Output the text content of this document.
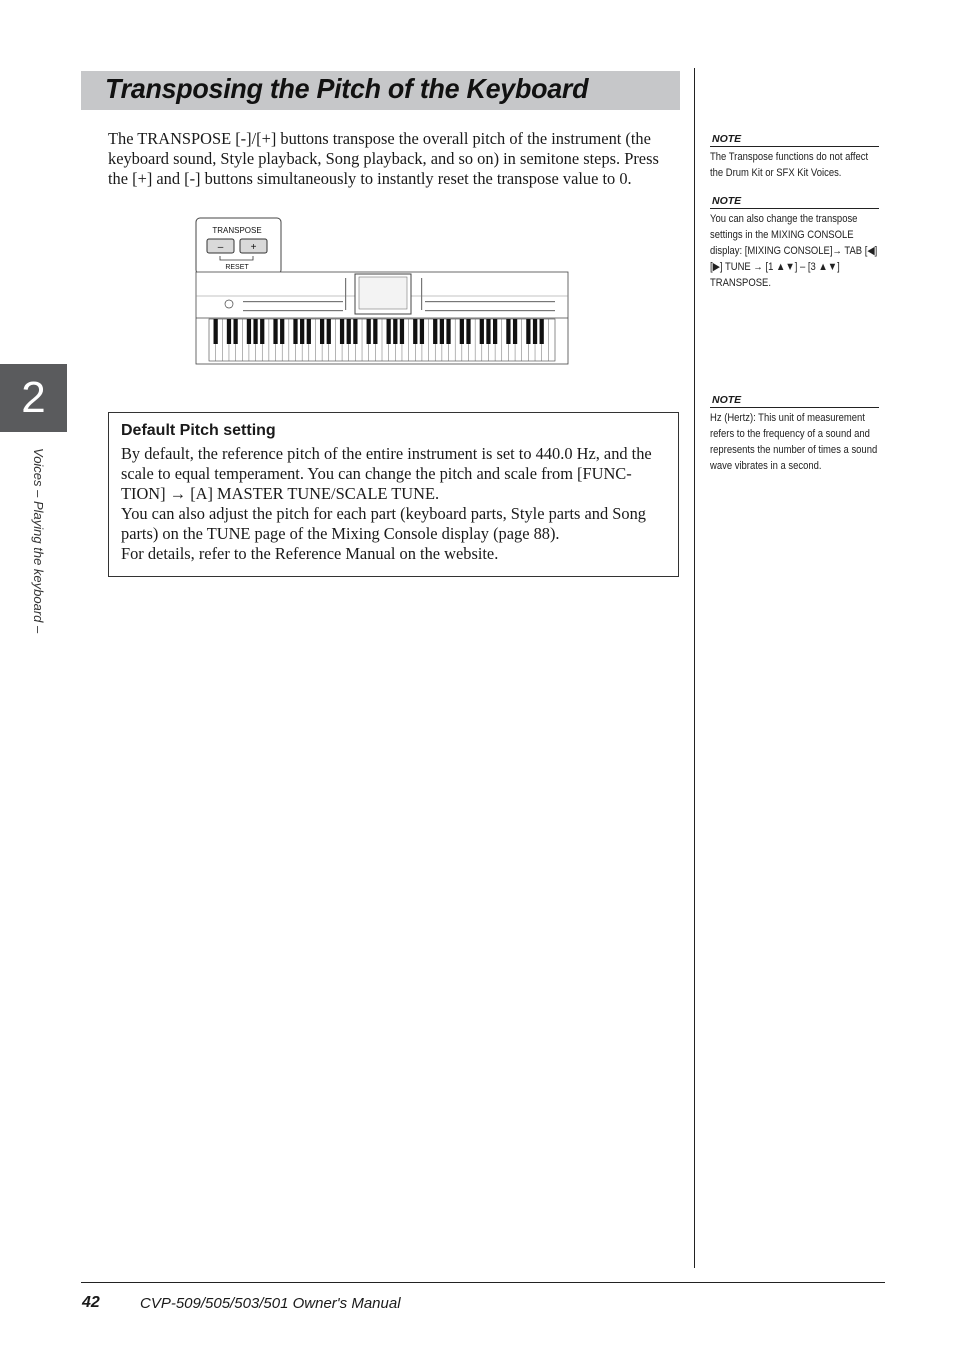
Transposing the Pitch of the Keyboard

The TRANSPOSE [-]/[+] buttons transpose the overall pitch of the instrument (the keyboard sound, Style playback, Song playback, and so on) in semitone steps. Press the [+] and [-] buttons simultaneously to instantly reset the transpose value to 0.

TRANSPOSE
–	+
RESET
Default Pitch setting

By default, the reference pitch of the entire instrument is set to 440.0 Hz, and the scale to equal temperament. You can change the pitch and scale from [FUNC-TION] → [A] MASTER TUNE/SCALE TUNE.

You can also adjust the pitch for each part (keyboard parts, Style parts and Song parts) on the TUNE page of the Mixing Console display (page 88).

For details, refer to the Reference Manual on the website.

2
Voices – Playing the keyboard –
NOTE
The Transpose functions do not affect the Drum Kit or SFX Kit Voices.
NOTE
You can also change the transpose settings in the MIXING CONSOLE display: [MIXING CONSOLE]→ TAB [◀][▶] TUNE → [1 ▲▼] – [3 ▲▼] TRANSPOSE.
NOTE
Hz (Hertz): This unit of measurement refers to the frequency of a sound and represents the number of times a sound wave vibrates in a second.
42	CVP-509/505/503/501 Owner's Manual
